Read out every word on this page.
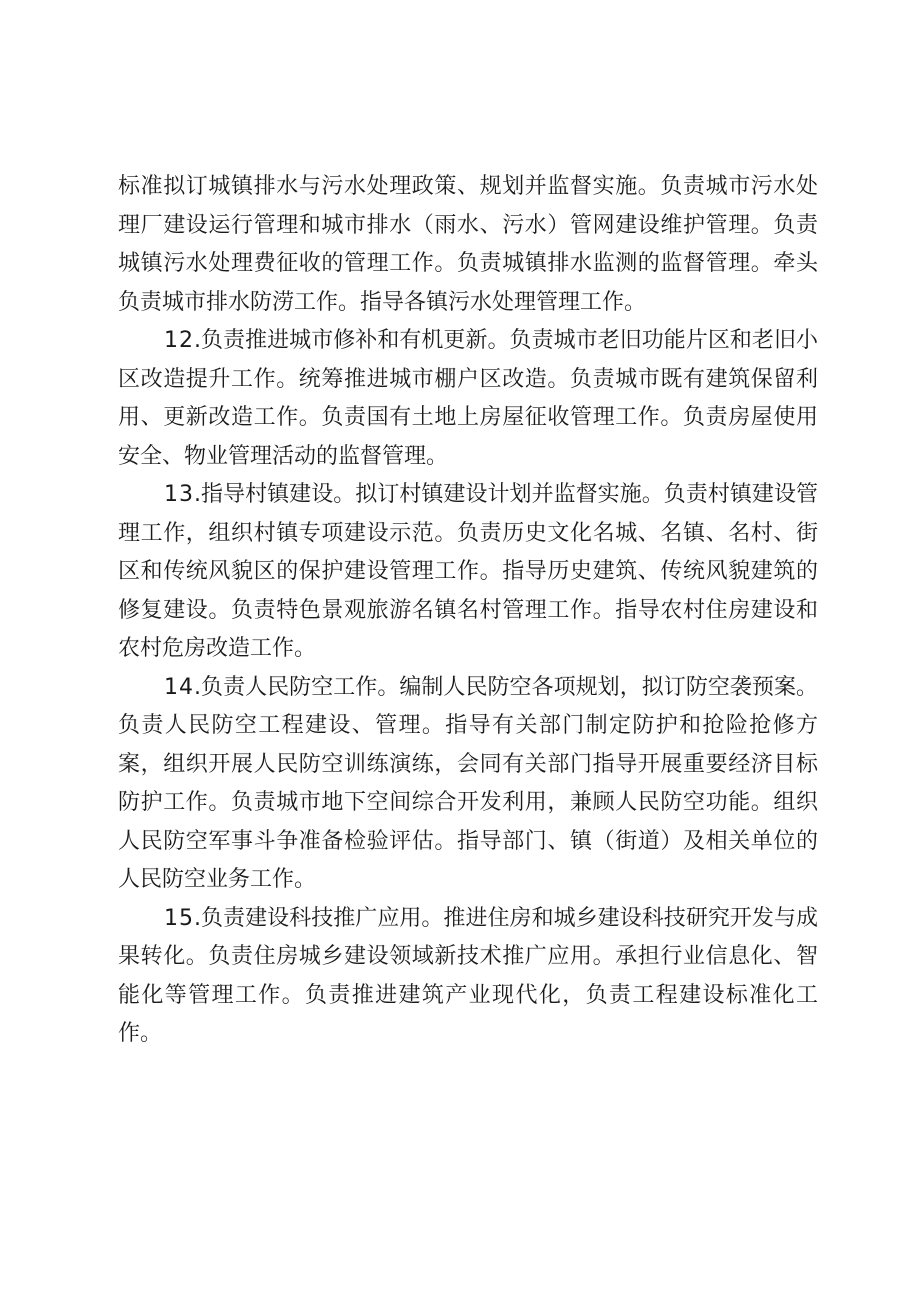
标准拟订城镇排水与污水处理政策、规划并监督实施。负责城市污水处理厂建设运行管理和城市排水（雨水、污水）管网建设维护管理。负责城镇污水处理费征收的管理工作。负责城镇排水监测的监督管理。牵头负责城市排水防涝工作。指导各镇污水处理管理工作。

12.负责推进城市修补和有机更新。负责城市老旧功能片区和老旧小区改造提升工作。统筹推进城市棚户区改造。负责城市既有建筑保留利用、更新改造工作。负责国有土地上房屋征收管理工作。负责房屋使用安全、物业管理活动的监督管理。

13.指导村镇建设。拟订村镇建设计划并监督实施。负责村镇建设管理工作，组织村镇专项建设示范。负责历史文化名城、名镇、名村、街区和传统风貌区的保护建设管理工作。指导历史建筑、传统风貌建筑的修复建设。负责特色景观旅游名镇名村管理工作。指导农村住房建设和农村危房改造工作。

14.负责人民防空工作。编制人民防空各项规划，拟订防空袭预案。负责人民防空工程建设、管理。指导有关部门制定防护和抢险抢修方案，组织开展人民防空训练演练，会同有关部门指导开展重要经济目标防护工作。负责城市地下空间综合开发利用，兼顾人民防空功能。组织人民防空军事斗争准备检验评估。指导部门、镇（街道）及相关单位的人民防空业务工作。

15.负责建设科技推广应用。推进住房和城乡建设科技研究开发与成果转化。负责住房城乡建设领域新技术推广应用。承担行业信息化、智能化等管理工作。负责推进建筑产业现代化，负责工程建设标准化工作。
